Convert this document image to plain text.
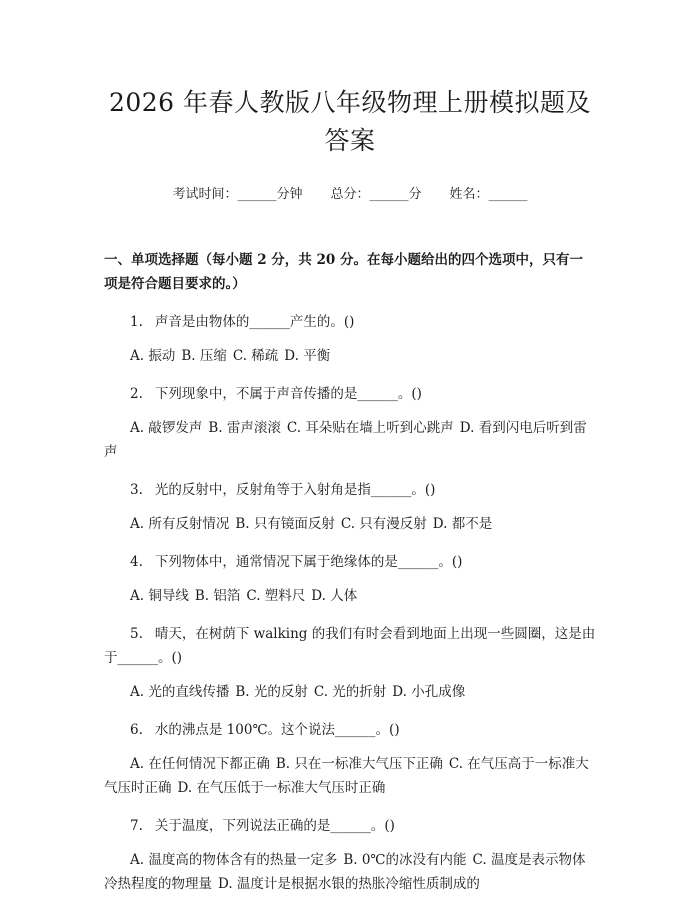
2026 年春人教版八年级物理上册模拟题及答案
考试时间：______分钟 总分：______分 姓名：______
一、单项选择题（每小题 2 分，共 20 分。在每小题给出的四个选项中，只有一项是符合题目要求的。）
1. 声音是由物体的______产生的。()
A. 振动 B. 压缩 C. 稀疏 D. 平衡
2. 下列现象中，不属于声音传播的是______。()
A. 敲锣发声 B. 雷声滚滚 C. 耳朵贴在墙上听到心跳声 D. 看到闪电后听到雷声
3. 光的反射中，反射角等于入射角是指______。()
A. 所有反射情况 B. 只有镜面反射 C. 只有漫反射 D. 都不是
4. 下列物体中，通常情况下属于绝缘体的是______。()
A. 铜导线 B. 铝箔 C. 塑料尺 D. 人体
5. 晴天，在树荫下 walking 的我们有时会看到地面上出现一些圆圈，这是由于______。()
A. 光的直线传播 B. 光的反射 C. 光的折射 D. 小孔成像
6. 水的沸点是 100℃。这个说法______。()
A. 在任何情况下都正确 B. 只在一标准大气压下正确 C. 在气压高于一标准大气压时正确 D. 在气压低于一标准大气压时正确
7. 关于温度，下列说法正确的是______。()
A. 温度高的物体含有的热量一定多 B. 0℃的冰没有内能 C. 温度是表示物体冷热程度的物理量 D. 温度计是根据水银的热胀冷缩性质制成的
